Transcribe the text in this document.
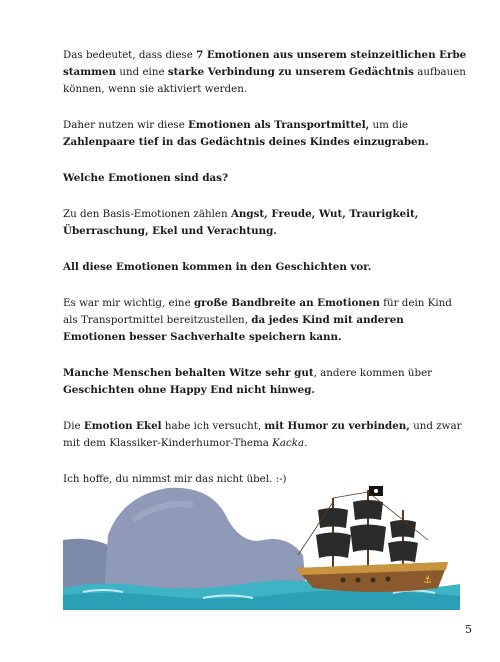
Das bedeutet, dass diese 7 Emotionen aus unserem steinzeitlichen Erbe stammen und eine starke Verbindung zu unserem Gedächtnis aufbauen können, wenn sie aktiviert werden.

Daher nutzen wir diese Emotionen als Transportmittel, um die Zahlenpaare tief in das Gedächtnis deines Kindes einzugraben.

Welche Emotionen sind das?

Zu den Basis-Emotionen zählen Angst, Freude, Wut, Traurigkeit, Überraschung, Ekel und Verachtung.

All diese Emotionen kommen in den Geschichten vor.

Es war mir wichtig, eine große Bandbreite an Emotionen für dein Kind als Transportmittel bereitzustellen, da jedes Kind mit anderen Emotionen besser Sachverhalte speichern kann.

Manche Menschen behalten Witze sehr gut, andere kommen über Geschichten ohne Happy End nicht hinweg.

Die Emotion Ekel habe ich versucht, mit Humor zu verbinden, und zwar mit dem Klassiker-Kinderhumor-Thema Kacka.

Ich hoffe, du nimmst mir das nicht übel. :-)

⚓
5
